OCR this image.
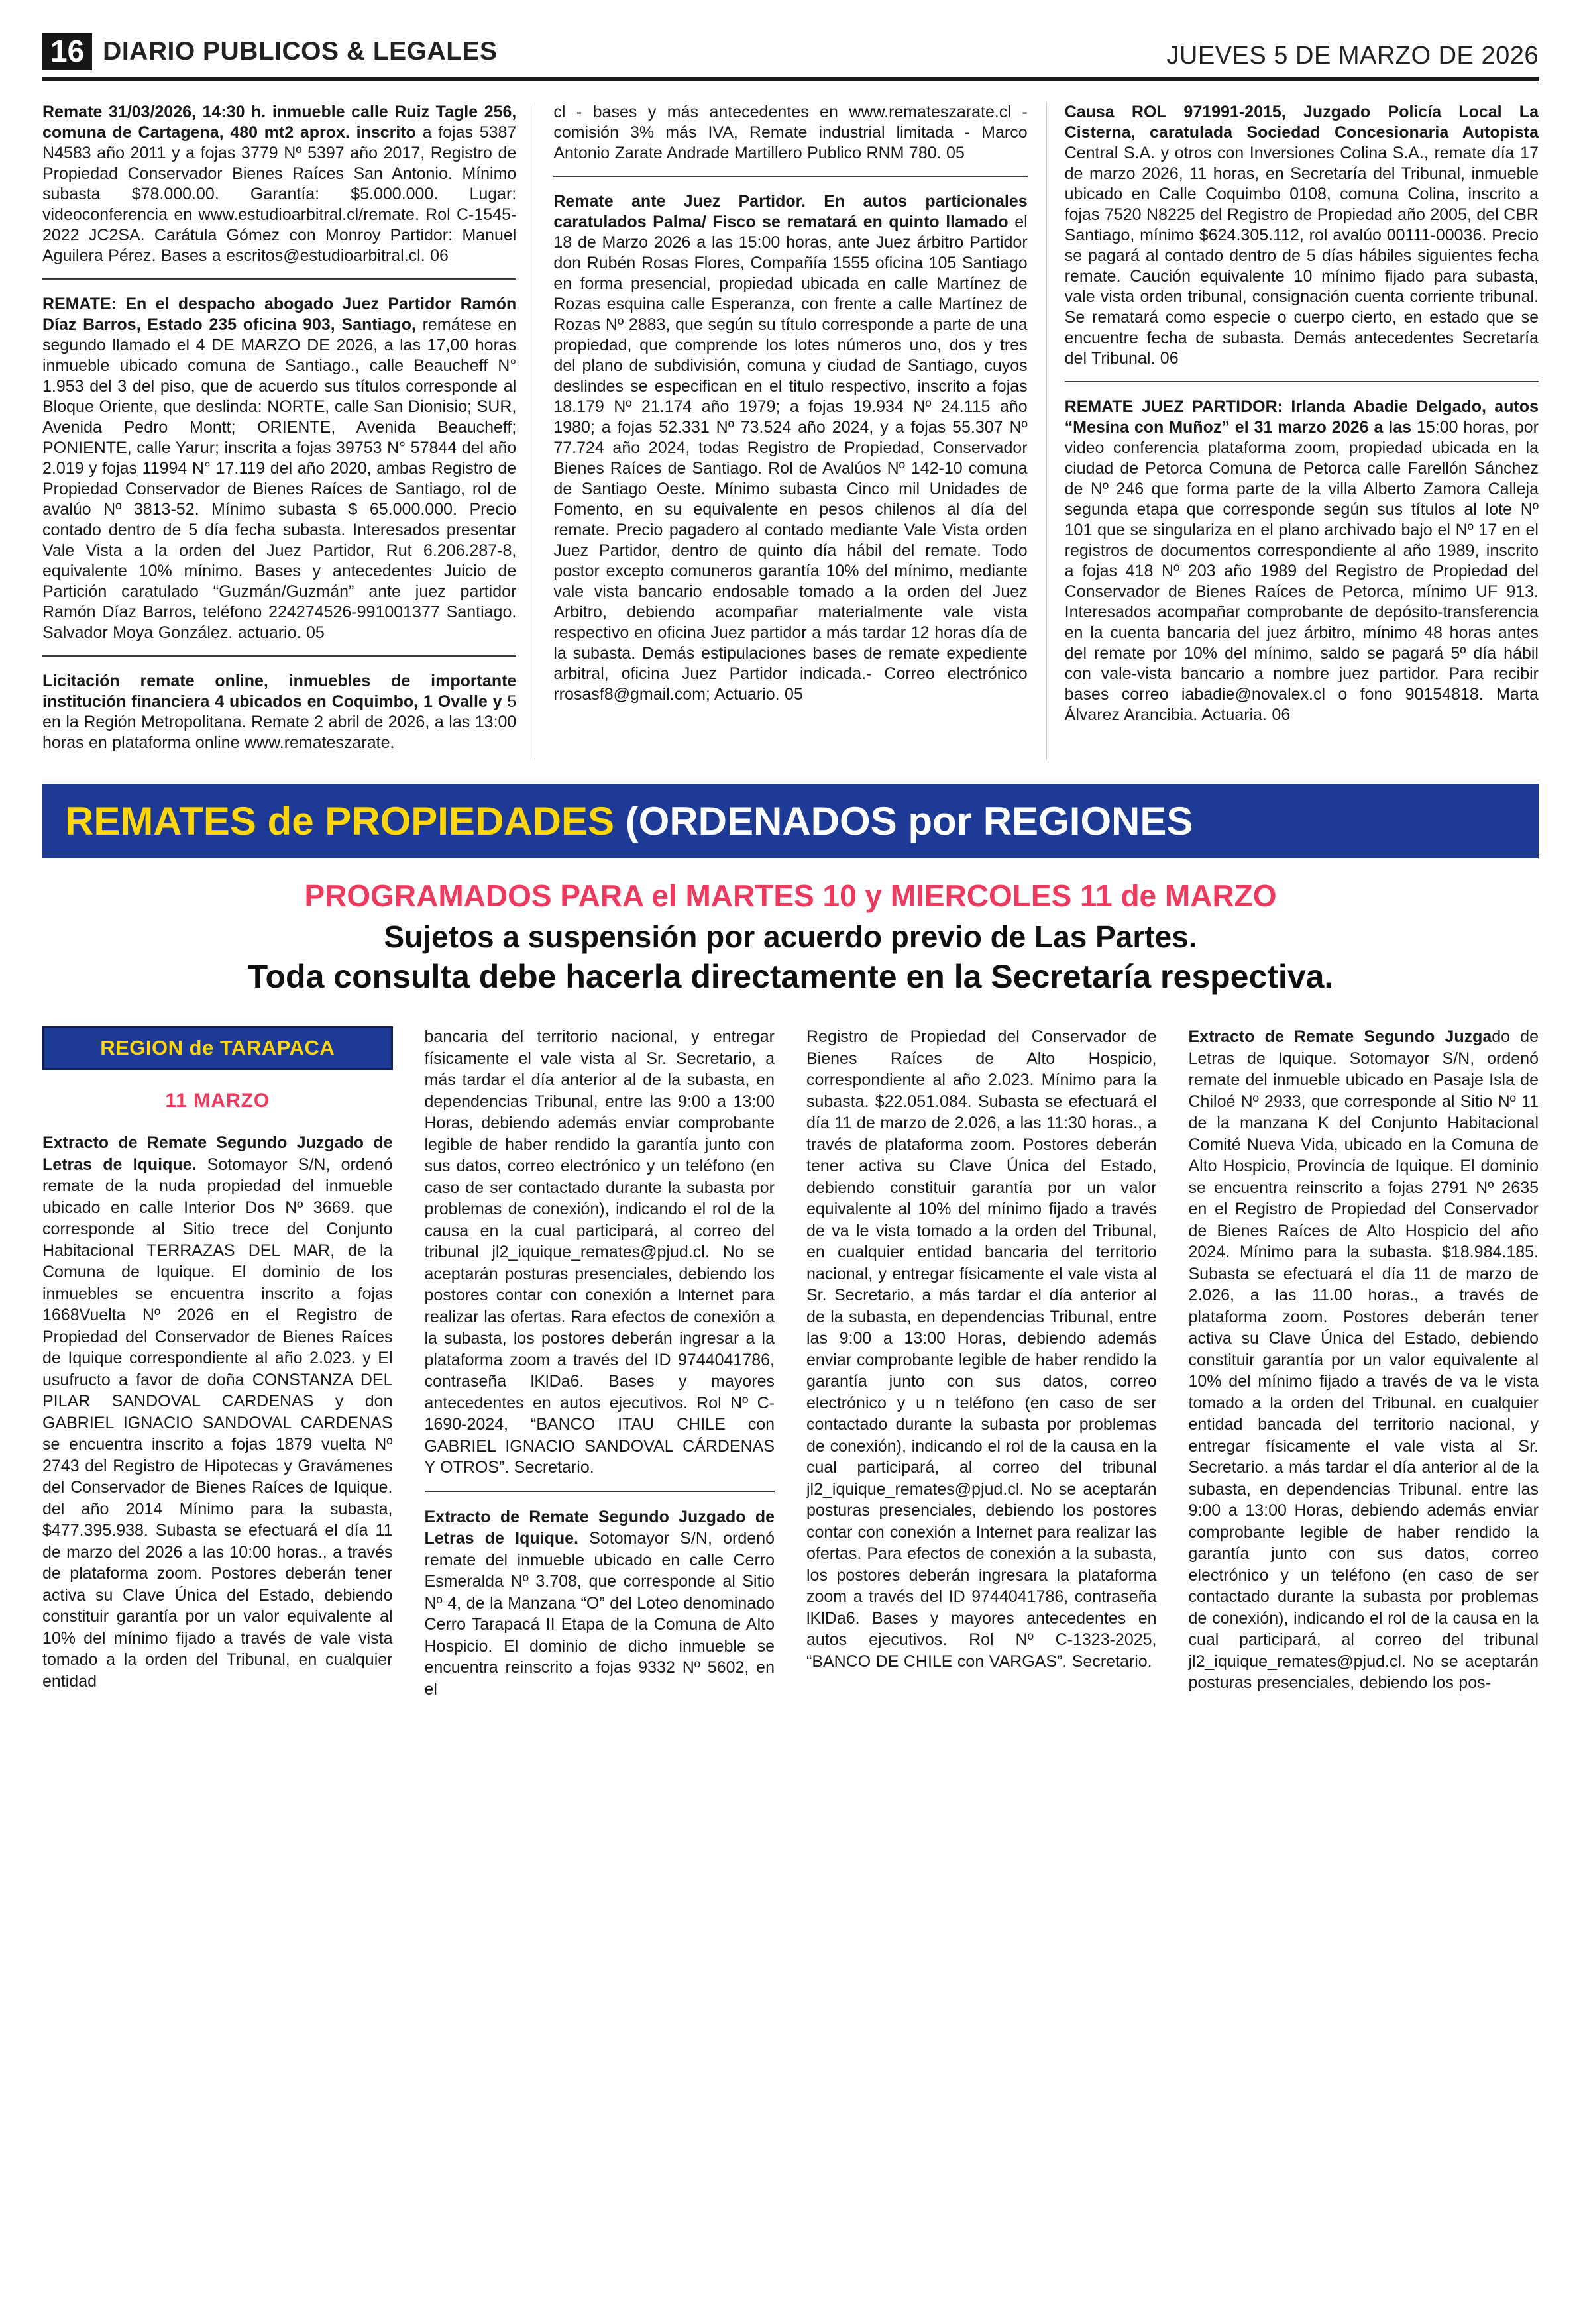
16 DIARIO PUBLICOS & LEGALES	JUEVES 5 DE MARZO DE 2026

Remate 31/03/2026, 14:30 h. inmueble calle Ruiz Tagle 256, comuna de Cartagena, 480 mt2 aprox. inscrito a fojas 5387 N4583 año 2011 y a fojas 3779 Nº 5397 año 2017, Registro de Propiedad Conservador Bienes Raíces San Antonio. Mínimo subasta $78.000.00. Garantía: $5.000.000. Lugar: videoconferencia en www.estudioarbitral.cl/remate. Rol C-1545-2022 JC2SA. Carátula Gómez con Monroy Partidor: Manuel Aguilera Pérez. Bases a escritos@estudioarbitral.cl. 06

REMATE: En el despacho abogado Juez Partidor Ramón Díaz Barros, Estado 235 oficina 903, Santiago, remátese en segundo llamado el 4 DE MARZO DE 2026, a las 17,00 horas inmueble ubicado comuna de Santiago., calle Beaucheff N° 1.953 del 3 del piso, que de acuerdo sus títulos corresponde al Bloque Oriente, que deslinda: NORTE, calle San Dionisio; SUR, Avenida Pedro Montt; ORIENTE, Avenida Beaucheff; PONIENTE, calle Yarur; inscrita a fojas 39753 N° 57844 del año 2.019 y fojas 11994 N° 17.119 del año 2020, ambas Registro de Propiedad Conservador de Bienes Raíces de Santiago, rol de avalúo Nº 3813-52. Mínimo subasta $ 65.000.000. Precio contado dentro de 5 día fecha subasta. Interesados presentar Vale Vista a la orden del Juez Partidor, Rut 6.206.287-8, equivalente 10% mínimo. Bases y antecedentes Juicio de Partición caratulado “Guzmán/Guzmán” ante juez partidor Ramón Díaz Barros, teléfono 224274526-991001377 Santiago. Salvador Moya González. actuario. 05

Licitación remate online, inmuebles de importante institución financiera 4 ubicados en Coquimbo, 1 Ovalle y 5 en la Región Metropolitana. Remate 2 abril de 2026, a las 13:00 horas en plataforma online www.remateszarate.

cl - bases y más antecedentes en www.remateszarate.cl - comisión 3% más IVA, Remate industrial limitada - Marco Antonio Zarate Andrade Martillero Publico RNM 780. 05

Remate ante Juez Partidor. En autos particionales caratulados Palma/ Fisco se rematará en quinto llamado el 18 de Marzo 2026 a las 15:00 horas, ante Juez árbitro Partidor don Rubén Rosas Flores, Compañía 1555 oficina 105 Santiago en forma presencial, propiedad ubicada en calle Martínez de Rozas esquina calle Esperanza, con frente a calle Martínez de Rozas Nº 2883, que según su título corresponde a parte de una propiedad, que comprende los lotes números uno, dos y tres del plano de subdivisión, comuna y ciudad de Santiago, cuyos deslindes se especifican en el titulo respectivo, inscrito a fojas 18.179 Nº 21.174 año 1979; a fojas 19.934 Nº 24.115 año 1980; a fojas 52.331 Nº 73.524 año 2024, y a fojas 55.307 Nº 77.724 año 2024, todas Registro de Propiedad, Conservador Bienes Raíces de Santiago. Rol de Avalúos Nº 142-10 comuna de Santiago Oeste. Mínimo subasta Cinco mil Unidades de Fomento, en su equivalente en pesos chilenos al día del remate. Precio pagadero al contado mediante Vale Vista orden Juez Partidor, dentro de quinto día hábil del remate. Todo postor excepto comuneros garantía 10% del mínimo, mediante vale vista bancario endosable tomado a la orden del Juez Arbitro, debiendo acompañar materialmente vale vista respectivo en oficina Juez partidor a más tardar 12 horas día de la subasta. Demás estipulaciones bases de remate expediente arbitral, oficina Juez Partidor indicada.- Correo electrónico rrosasf8@gmail.com; Actuario. 05

Causa ROL 971991-2015, Juzgado Policía Local La Cisterna, caratulada Sociedad Concesionaria Autopista Central S.A. y otros con Inversiones Colina S.A., remate día 17 de marzo 2026, 11 horas, en Secretaría del Tribunal, inmueble ubicado en Calle Coquimbo 0108, comuna Colina, inscrito a fojas 7520 N8225 del Registro de Propiedad año 2005, del CBR Santiago, mínimo $624.305.112, rol avalúo 00111-00036. Precio se pagará al contado dentro de 5 días hábiles siguientes fecha remate. Caución equivalente 10 mínimo fijado para subasta, vale vista orden tribunal, consignación cuenta corriente tribunal. Se rematará como especie o cuerpo cierto, en estado que se encuentre fecha de subasta. Demás antecedentes Secretaría del Tribunal. 06

REMATE JUEZ PARTIDOR: Irlanda Abadie Delgado, autos “Mesina con Muñoz” el 31 marzo 2026 a las 15:00 horas, por video conferencia plataforma zoom, propiedad ubicada en la ciudad de Petorca Comuna de Petorca calle Farellón Sánchez de Nº 246 que forma parte de la villa Alberto Zamora Calleja segunda etapa que corresponde según sus títulos al lote Nº 101 que se singulariza en el plano archivado bajo el Nº 17 en el registros de documentos correspondiente al año 1989, inscrito a fojas 418 Nº 203 año 1989 del Registro de Propiedad del Conservador de Bienes Raíces de Petorca, mínimo UF 913. Interesados acompañar comprobante de depósito-transferencia en la cuenta bancaria del juez árbitro, mínimo 48 horas antes del remate por 10% del mínimo, saldo se pagará 5º día hábil con vale-vista bancario a nombre juez partidor. Para recibir bases correo iabadie@novalex.cl o fono 90154818. Marta Álvarez Arancibia. Actuaria. 06

REMATES de PROPIEDADES (ORDENADOS por REGIONES
PROGRAMADOS PARA el MARTES 10 y MIERCOLES 11 de MARZO
Sujetos a suspensión por acuerdo previo de Las Partes.
Toda consulta debe hacerla directamente en la Secretaría respectiva.
REGION de TARAPACA
11 MARZO

Extracto de Remate Segundo Juzgado de Letras de Iquique. Sotomayor S/N, ordenó remate de la nuda propiedad del inmueble ubicado en calle Interior Dos Nº 3669. que corresponde al Sitio trece del Conjunto Habitacional TERRAZAS DEL MAR, de la Comuna de Iquique. El dominio de los inmuebles se encuentra inscrito a fojas 1668Vuelta Nº 2026 en el Registro de Propiedad del Conservador de Bienes Raíces de Iquique correspondiente al año 2.023. y El usufructo a favor de doña CONSTANZA DEL PILAR SANDOVAL CARDENAS y don GABRIEL IGNACIO SANDOVAL CARDENAS se encuentra inscrito a fojas 1879 vuelta Nº 2743 del Registro de Hipotecas y Gravámenes del Conservador de Bienes Raíces de Iquique. del año 2014 Mínimo para la subasta, $477.395.938. Subasta se efectuará el día 11 de marzo del 2026 a las 10:00 horas., a través de plataforma zoom. Postores deberán tener activa su Clave Única del Estado, debiendo constituir garantía por un valor equivalente al 10% del mínimo fijado a través de vale vista tomado a la orden del Tribunal, en cualquier entidad

bancaria del territorio nacional, y entregar físicamente el vale vista al Sr. Secretario, a más tardar el día anterior al de la subasta, en dependencias Tribunal, entre las 9:00 a 13:00 Horas, debiendo además enviar comprobante legible de haber rendido la garantía junto con sus datos, correo electrónico y un teléfono (en caso de ser contactado durante la subasta por problemas de conexión), indicando el rol de la causa en la cual participará, al correo del tribunal jl2_iquique_remates@pjud.cl. No se aceptarán posturas presenciales, debiendo los postores contar con conexión a Internet para realizar las ofertas. Rara efectos de conexión a la subasta, los postores deberán ingresar a la plataforma zoom a través del ID 9744041786, contraseña lKlDa6. Bases y mayores antecedentes en autos ejecutivos. Rol Nº C-1690-2024, “BANCO ITAU CHILE con GABRIEL IGNACIO SANDOVAL CÁRDENAS Y OTROS”. Secretario.

Extracto de Remate Segundo Juzgado de Letras de Iquique. Sotomayor S/N, ordenó remate del inmueble ubicado en calle Cerro Esmeralda Nº 3.708, que corresponde al Sitio Nº 4, de la Manzana “O” del Loteo denominado Cerro Tarapacá II Etapa de la Comuna de Alto Hospicio. El dominio de dicho inmueble se encuentra reinscrito a fojas 9332 Nº 5602, en el

Registro de Propiedad del Conservador de Bienes Raíces de Alto Hospicio, correspondiente al año 2.023. Mínimo para la subasta. $22.051.084. Subasta se efectuará el día 11 de marzo de 2.026, a las 11:30 horas., a través de plataforma zoom. Postores deberán tener activa su Clave Única del Estado, debiendo constituir garantía por un valor equivalente al 10% del mínimo fijado a través de va le vista tomado a la orden del Tribunal, en cualquier entidad bancaria del territorio nacional, y entregar físicamente el vale vista al Sr. Secretario, a más tardar el día anterior al de la subasta, en dependencias Tribunal, entre las 9:00 a 13:00 Horas, debiendo además enviar comprobante legible de haber rendido la garantía junto con sus datos, correo electrónico y u n teléfono (en caso de ser contactado durante la subasta por problemas de conexión), indicando el rol de la causa en la cual participará, al correo del tribunal jl2_iquique_remates@pjud.cl. No se aceptarán posturas presenciales, debiendo los postores contar con conexión a Internet para realizar las ofertas. Para efectos de conexión a la subasta, los postores deberán ingresara la plataforma zoom a través del ID 9744041786, contraseña lKlDa6. Bases y mayores antecedentes en autos ejecutivos. Rol Nº C-1323-2025, “BANCO DE CHILE con VARGAS”. Secretario.

Extracto de Remate Segundo Juzgado de Letras de Iquique. Sotomayor S/N, ordenó remate del inmueble ubicado en Pasaje Isla de Chiloé Nº 2933, que corresponde al Sitio Nº 11 de la manzana K del Conjunto Habitacional Comité Nueva Vida, ubicado en la Comuna de Alto Hospicio, Provincia de Iquique. El dominio se encuentra reinscrito a fojas 2791 Nº 2635 en el Registro de Propiedad del Conservador de Bienes Raíces de Alto Hospicio del año 2024. Mínimo para la subasta. $18.984.185. Subasta se efectuará el día 11 de marzo de 2.026, a las 11.00 horas., a través de plataforma zoom. Postores deberán tener activa su Clave Única del Estado, debiendo constituir garantía por un valor equivalente al 10% del mínimo fijado a través de va le vista tomado a la orden del Tribunal. en cualquier entidad bancada del territorio nacional, y entregar físicamente el vale vista al Sr. Secretario. a más tardar el día anterior al de la subasta, en dependencias Tribunal. entre las 9:00 a 13:00 Horas, debiendo además enviar comprobante legible de haber rendido la garantía junto con sus datos, correo electrónico y un teléfono (en caso de ser contactado durante la subasta por problemas de conexión), indicando el rol de la causa en la cual participará, al correo del tribunal jl2_iquique_remates@pjud.cl. No se aceptarán posturas presenciales, debiendo los pos-
